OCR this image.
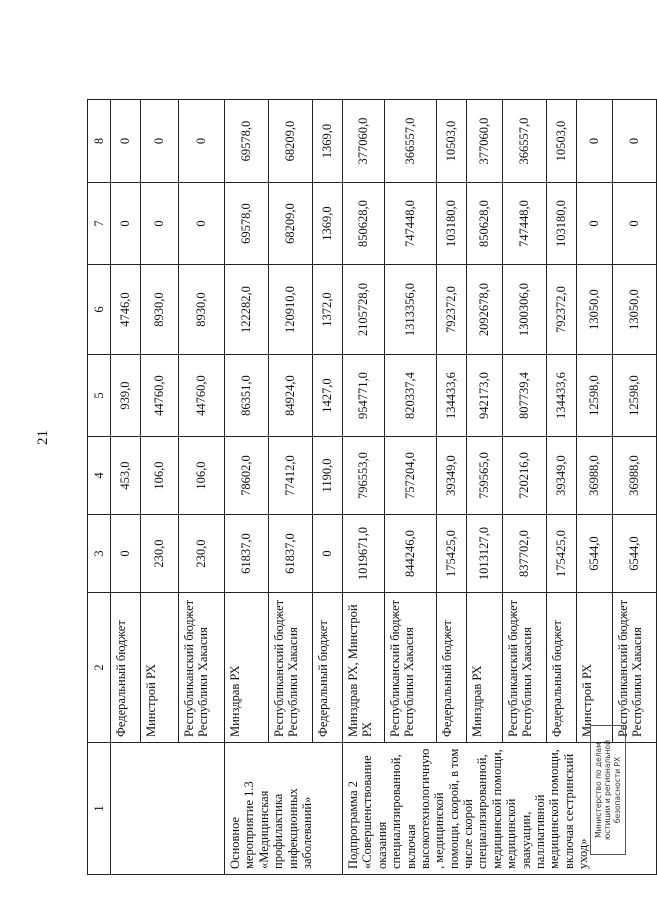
21
1	2	3	4	5	6	7	8
	Федеральный бюджет	0	453,0	939,0	4746,0	0	0
	Минстрой РХ	230,0	106,0	44760,0	8930,0	0	0
	Республиканский бюджет Республики Хакасия	230,0	106,0	44760,0	8930,0	0	0
Основное мероприятие 1.3 «Медицинская профилактика инфекционных заболеваний»	Минздрав РХ	61837,0	78602,0	86351,0	122282,0	69578,0	69578,0
	Республиканский бюджет Республики Хакасия	61837,0	77412,0	84924,0	120910,0	68209,0	68209,0
	Федеральный бюджет	0	1190,0	1427,0	1372,0	1369,0	1369,0
Подпрограмма 2 «Совершенствование оказания специализированной, включая высокотехнологичную, медицинской помощи, скорой, в том числе скорой специализированной, медицинской помощи, медицинской эвакуации, паллиативной медицинской помощи, включая сестринский уход»	Минздрав РХ, Минстрой РХ	1019671,0	796553,0	954771,0	2105728,0	850628,0	377060,0
	Республиканский бюджет Республики Хакасия	844246,0	757204,0	820337,4	1313356,0	747448,0	366557,0
	Федеральный бюджет	175425,0	39349,0	134433,6	792372,0	103180,0	10503,0
	Минздрав РХ	1013127,0	759565,0	942173,0	2092678,0	850628,0	377060,0
	Республиканский бюджет Республики Хакасия	837702,0	720216,0	807739,4	1300306,0	747448,0	366557,0
	Федеральный бюджет	175425,0	39349,0	134433,6	792372,0	103180,0	10503,0
	Минстрой РХ	6544,0	36988,0	12598,0	13050,0	0	0
	Республиканский бюджет Республики Хакасия	6544,0	36988,0	12598,0	13050,0	0	0
Министерство по делам юстиции и региональной безопасности РХ
